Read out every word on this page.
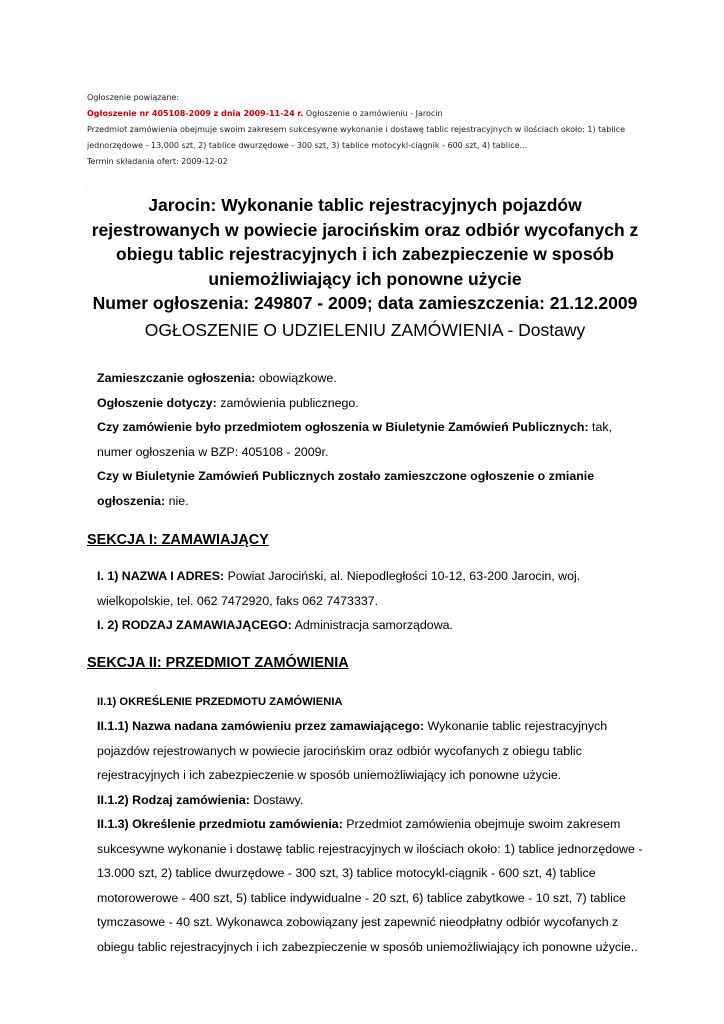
Ogłoszenie powiązane:
Ogłoszenie nr 405108-2009 z dnia 2009-11-24 r. Ogłoszenie o zamówieniu - Jarocin
Przedmiot zamówienia obejmuje swoim zakresem sukcesywne wykonanie i dostawę tablic rejestracyjnych w ilościach około: 1) tablice
jednorzędowe - 13.000 szt, 2) tablice dwurzędowe - 300 szt, 3) tablice motocykl-ciągnik - 600 szt, 4) tablice...
Termin składania ofert: 2009-12-02
.
Jarocin: Wykonanie tablic rejestracyjnych pojazdów
rejestrowanych w powiecie jarocińskim oraz odbiór wycofanych z
obiegu tablic rejestracyjnych i ich zabezpieczenie w sposób
uniemożliwiający ich ponowne użycie
Numer ogłoszenia: 249807 - 2009; data zamieszczenia: 21.12.2009
OGŁOSZENIE O UDZIELENIU ZAMÓWIENIA - Dostawy
Zamieszczanie ogłoszenia: obowiązkowe.
Ogłoszenie dotyczy: zamówienia publicznego.
Czy zamówienie było przedmiotem ogłoszenia w Biuletynie Zamówień Publicznych: tak,
numer ogłoszenia w BZP: 405108 - 2009r.
Czy w Biuletynie Zamówień Publicznych zostało zamieszczone ogłoszenie o zmianie
ogłoszenia: nie.
SEKCJA I: ZAMAWIAJĄCY
I. 1) NAZWA I ADRES: Powiat Jarociński, al. Niepodległości 10-12, 63-200 Jarocin, woj.
wielkopolskie, tel. 062 7472920, faks 062 7473337.
I. 2) RODZAJ ZAMAWIAJĄCEGO: Administracja samorządowa.
SEKCJA II: PRZEDMIOT ZAMÓWIENIA
II.1) OKREŚLENIE PRZEDMOTU ZAMÓWIENIA
II.1.1) Nazwa nadana zamówieniu przez zamawiającego: Wykonanie tablic rejestracyjnych
pojazdów rejestrowanych w powiecie jarocińskim oraz odbiór wycofanych z obiegu tablic
rejestracyjnych i ich zabezpieczenie w sposób uniemożliwiający ich ponowne użycie.
II.1.2) Rodzaj zamówienia: Dostawy.
II.1.3) Określenie przedmiotu zamówienia: Przedmiot zamówienia obejmuje swoim zakresem
sukcesywne wykonanie i dostawę tablic rejestracyjnych w ilościach około: 1) tablice jednorzędowe -
13.000 szt, 2) tablice dwurzędowe - 300 szt, 3) tablice motocykl-ciągnik - 600 szt, 4) tablice
motorowerowe - 400 szt, 5) tablice indywidualne - 20 szt, 6) tablice zabytkowe - 10 szt, 7) tablice
tymczasowe - 40 szt. Wykonawca zobowiązany jest zapewnić nieodpłatny odbiór wycofanych z
obiegu tablic rejestracyjnych i ich zabezpieczenie w sposób uniemożliwiający ich ponowne użycie..
